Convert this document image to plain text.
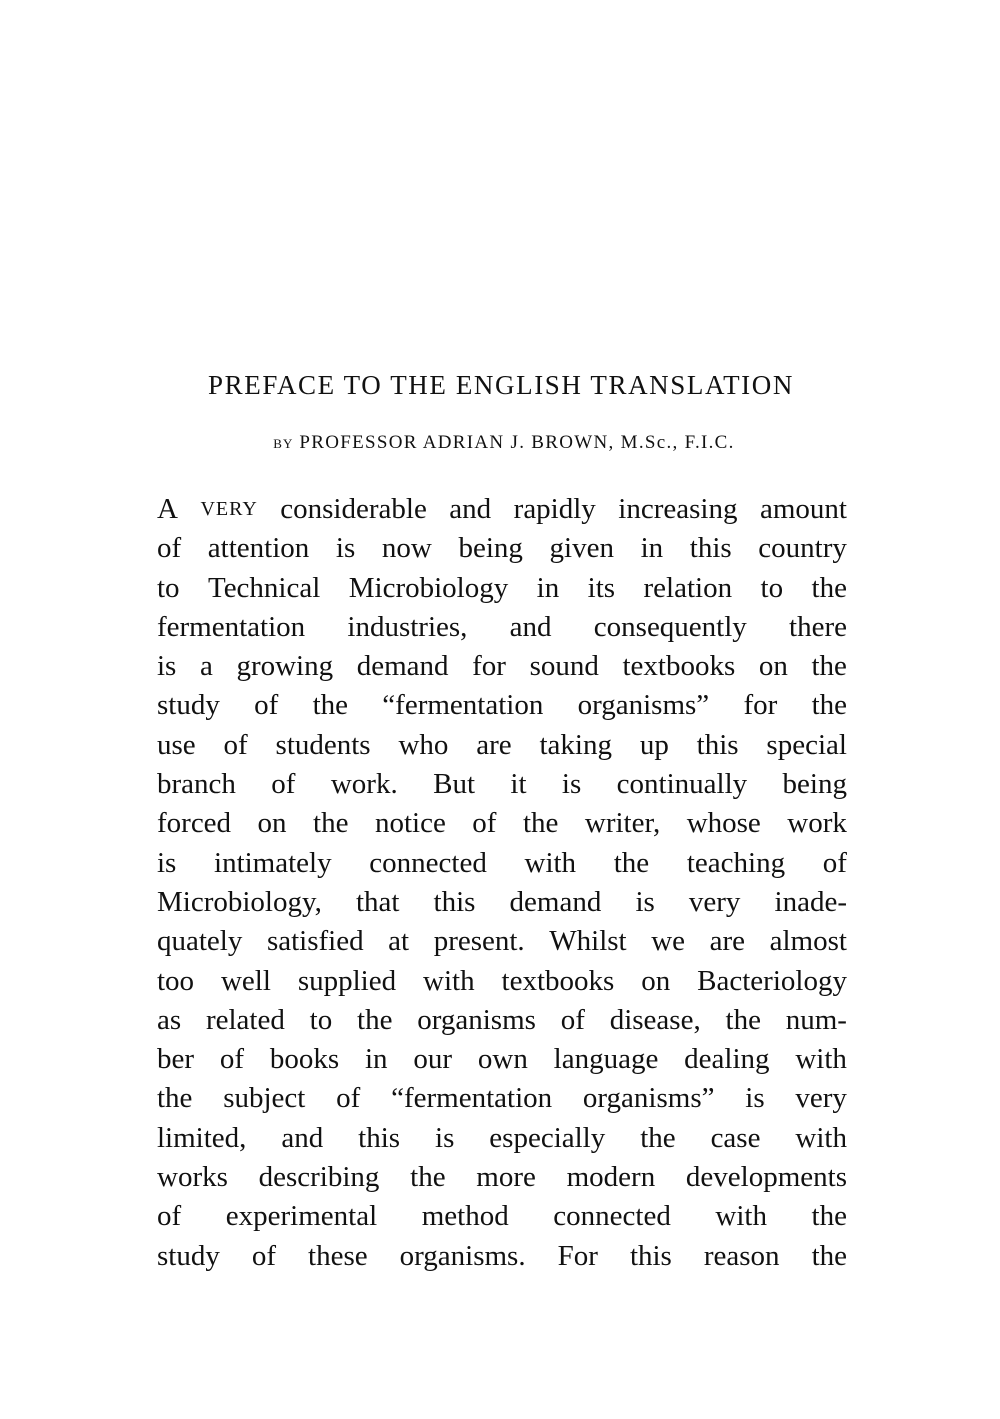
PREFACE TO THE ENGLISH TRANSLATION

BY PROFESSOR ADRIAN J. BROWN, M.Sc., F.I.C.

A VERY considerable and rapidly increasing amount
of attention is now being given in this country
to Technical Microbiology in its relation to the
fermentation industries, and consequently there
is a growing demand for sound textbooks on the
study of the “fermentation organisms” for the
use of students who are taking up this special
branch of work. But it is continually being
forced on the notice of the writer, whose work
is intimately connected with the teaching of
Microbiology, that this demand is very inade-
quately satisfied at present. Whilst we are almost
too well supplied with textbooks on Bacteriology
as related to the organisms of disease, the num-
ber of books in our own language dealing with
the subject of “fermentation organisms” is very
limited, and this is especially the case with
works describing the more modern developments
of experimental method connected with the
study of these organisms. For this reason the
